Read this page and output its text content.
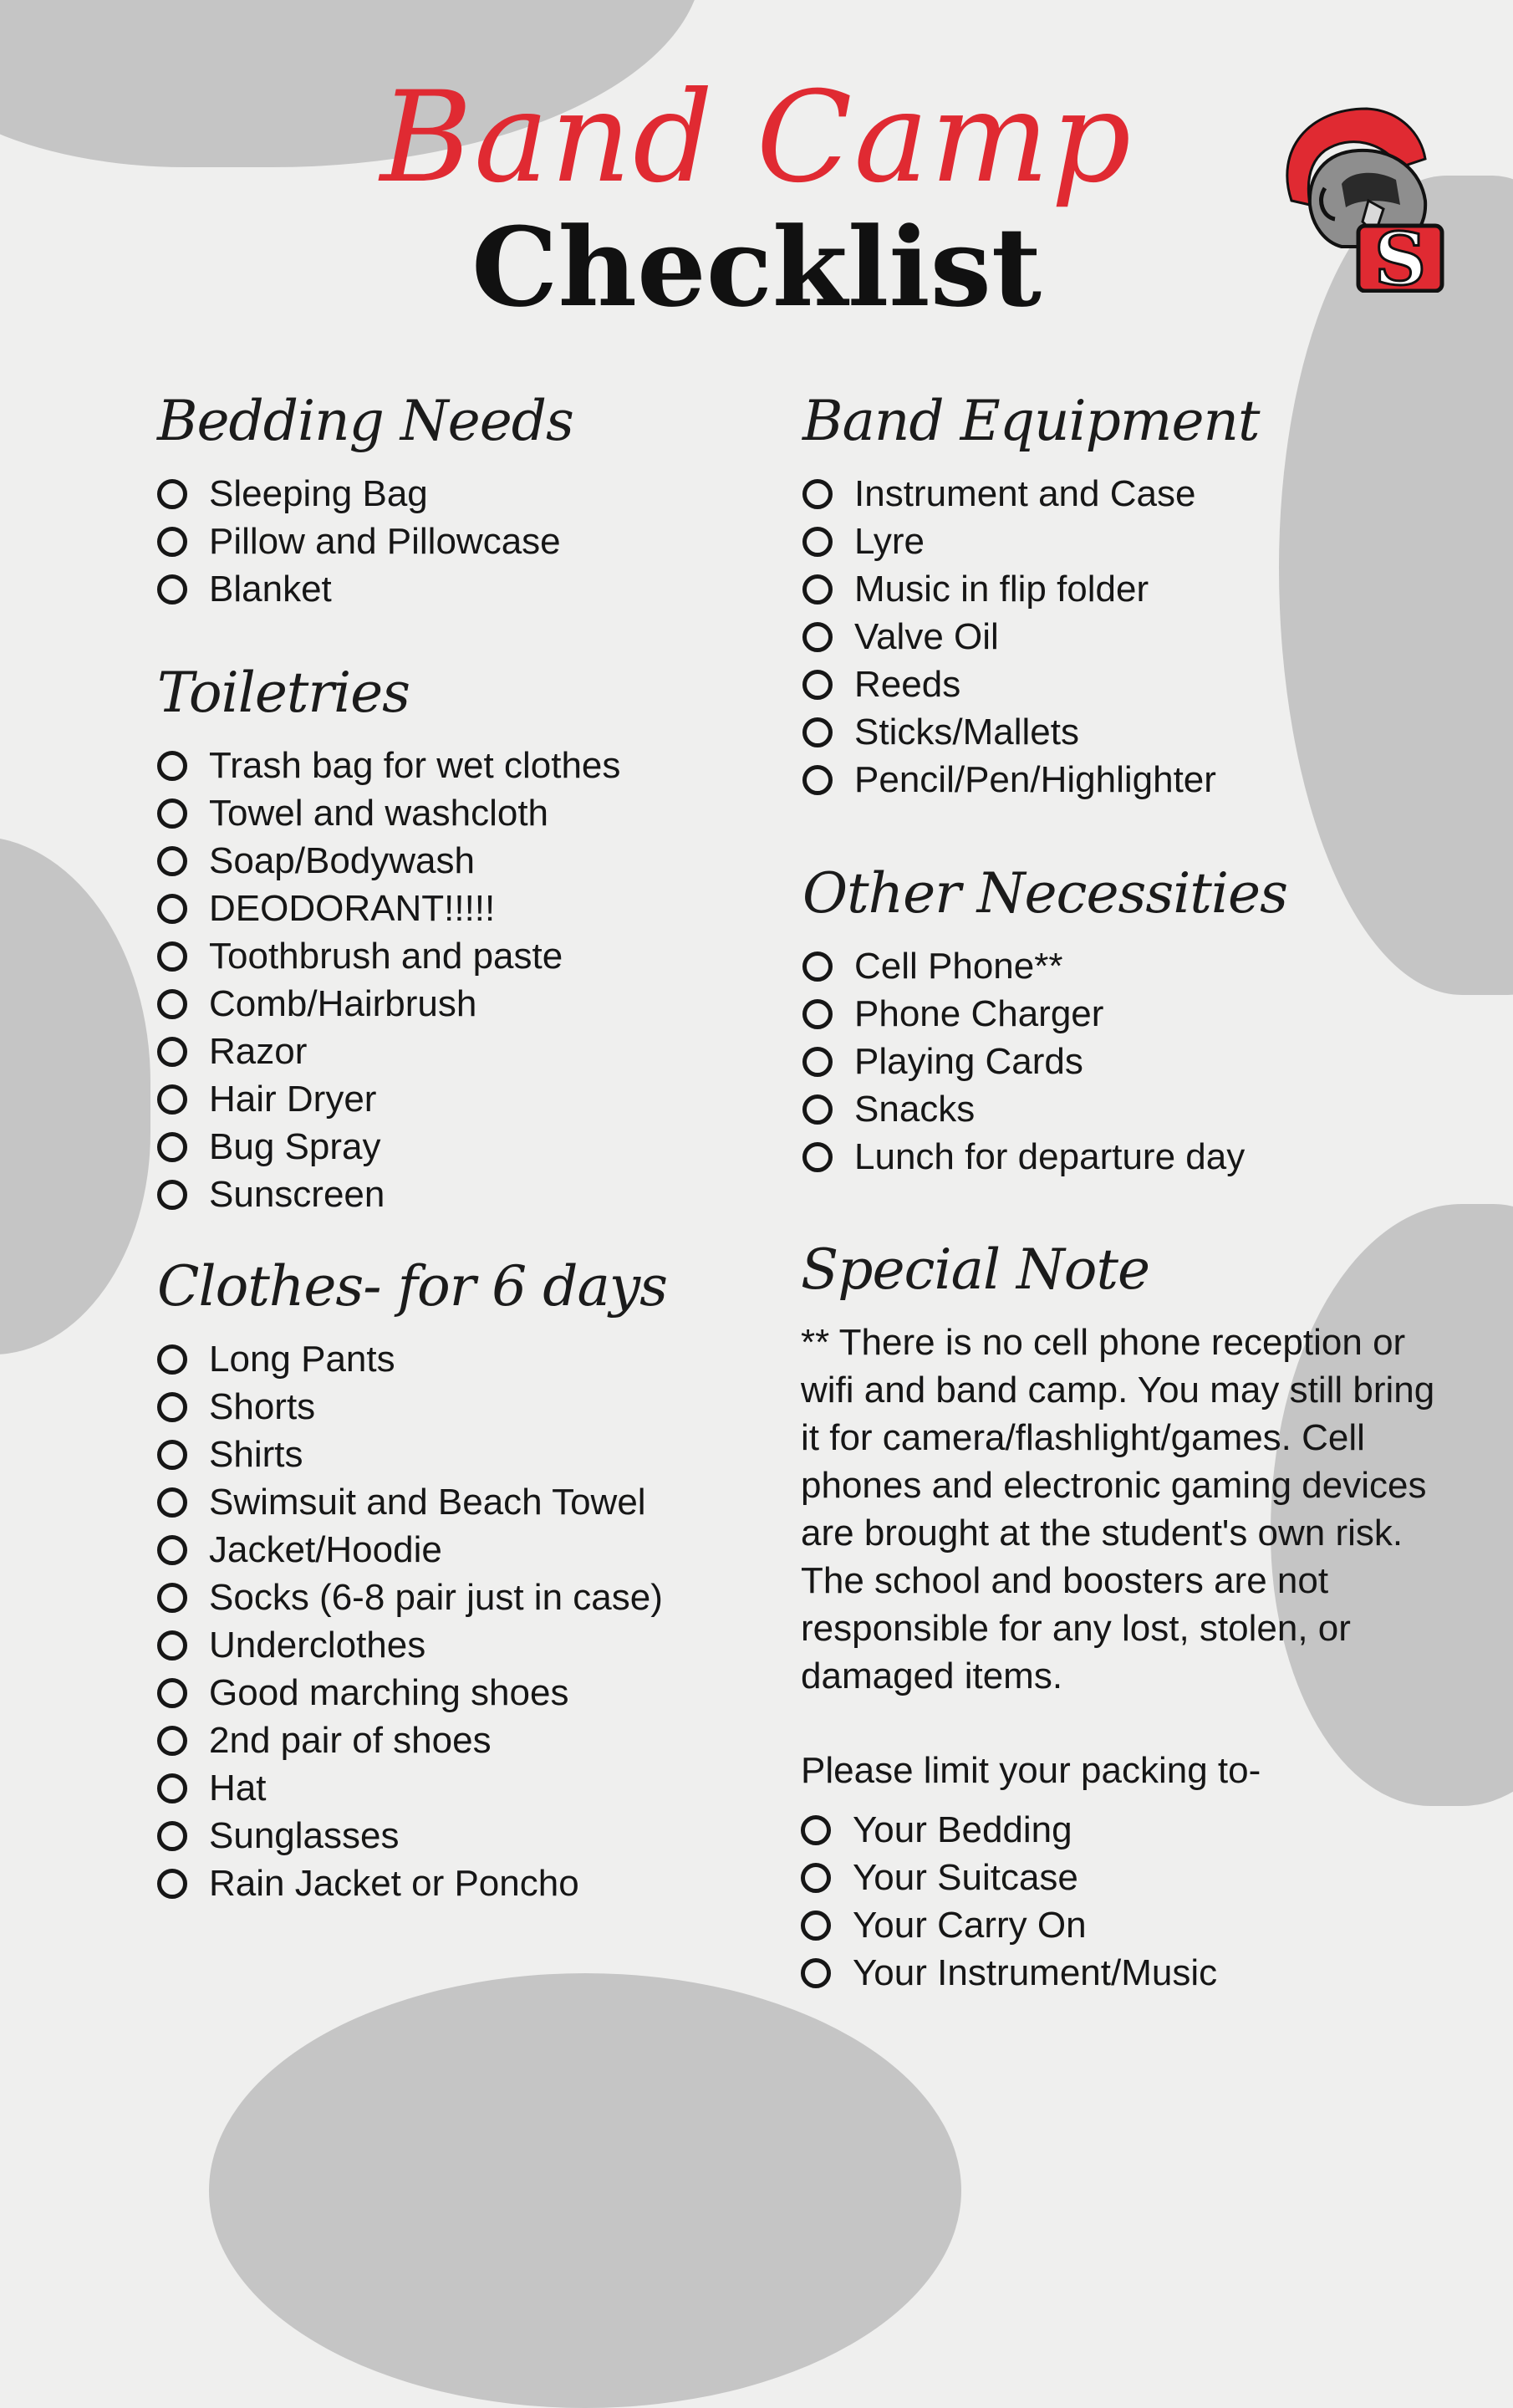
Band Camp
Checklist	S
Bedding Needs
Sleeping Bag
Pillow and Pillowcase
Blanket
Toiletries
Trash bag for wet clothes
Towel and washcloth
Soap/Bodywash
DEODORANT!!!!!
Toothbrush and paste
Comb/Hairbrush
Razor
Hair Dryer
Bug Spray
Sunscreen
Clothes- for 6 days
Long Pants
Shorts
Shirts
Swimsuit and Beach Towel
Jacket/Hoodie
Socks (6-8 pair just in case)
Underclothes
Good marching shoes
2nd pair of shoes
Hat
Sunglasses
Rain Jacket or Poncho
Band Equipment
Instrument and Case
Lyre
Music in flip folder
Valve Oil
Reeds
Sticks/Mallets
Pencil/Pen/Highlighter
Other Necessities
Cell Phone**
Phone Charger
Playing Cards
Snacks
Lunch for departure day
Special Note

** There is no cell phone reception or wifi and band camp. You may still bring it for camera/flashlight/games. Cell phones and electronic gaming devices are brought at the student's own risk. The school and boosters are not responsible for any lost, stolen, or damaged items.

Please limit your packing to-

Your Bedding
Your Suitcase
Your Carry On
Your Instrument/Music
